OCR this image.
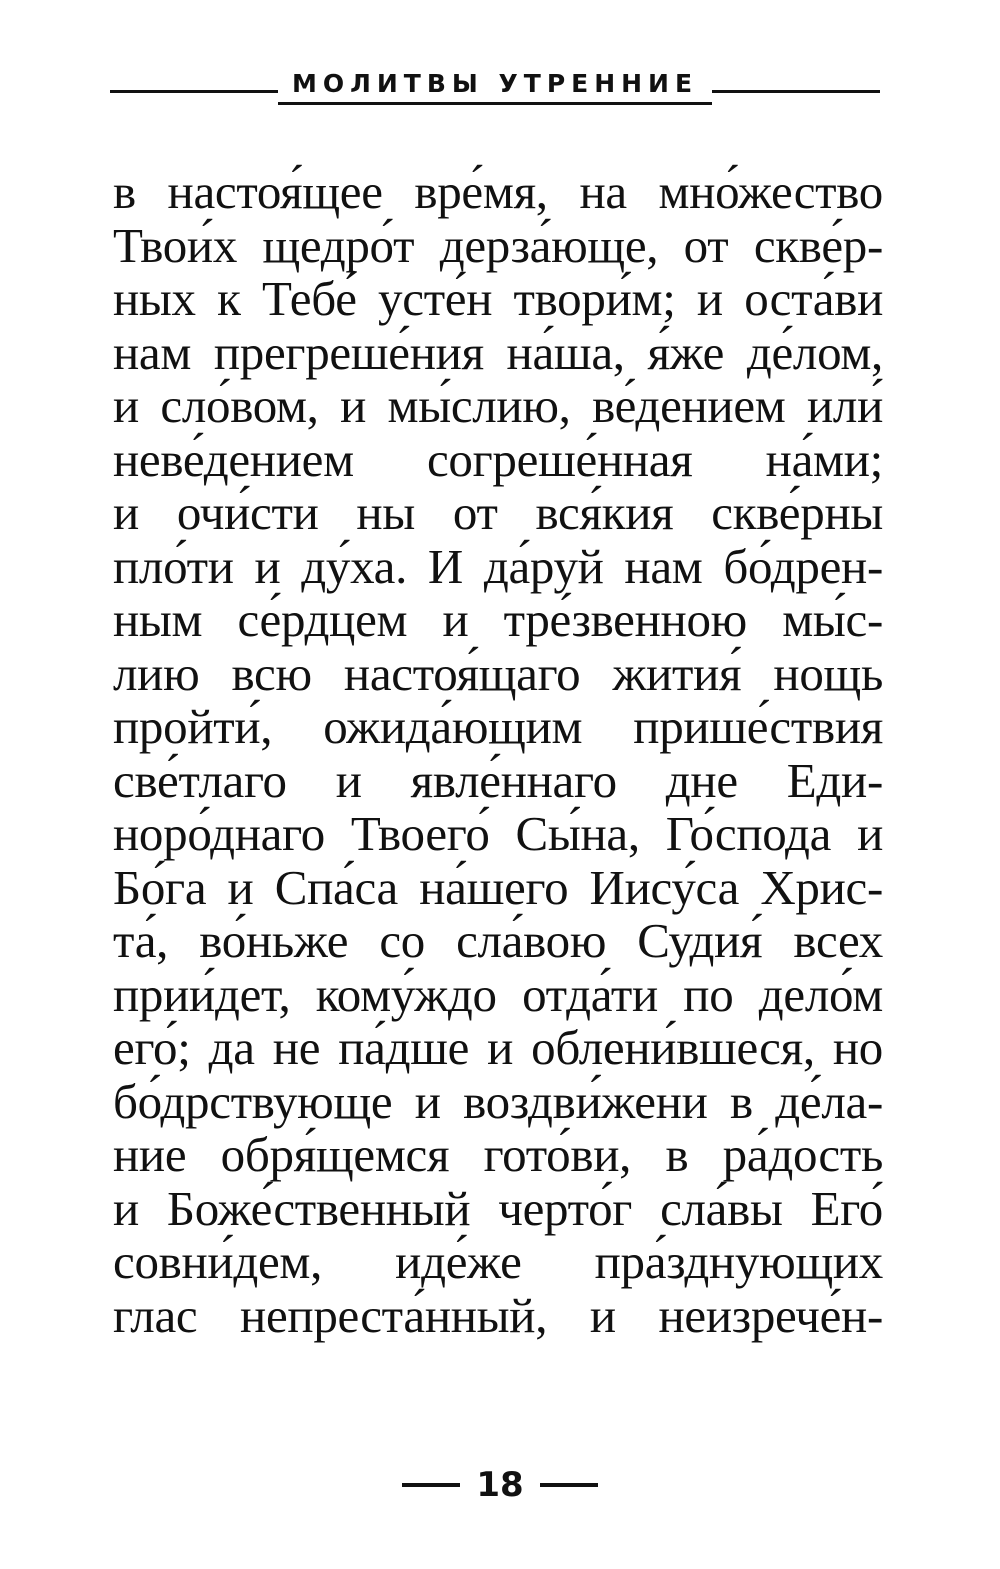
МОЛИТВЫ УТРЕННИЕ
в настоя́щее вре́мя, на мно́жество
Твои́х щедро́т дерза́юще, от скве́р-
ных к Тебе́ усте́н твори́м; и оста́ви
нам прегреше́ния на́ша, я́же де́лом,
и сло́вом, и мы́слию, ве́дением или́
неве́дением согреше́нная на́ми;
и очи́сти ны от вся́кия скве́рны
пло́ти и ду́ха. И да́руй нам бо́дрен-
ным се́рдцем и тре́звенною мы́с-
лию всю настоя́щаго жития́ нощь
пройти́, ожида́ющим прише́ствия
све́тлаго и явле́ннаго дне Еди-
норо́днаго Твоего́ Сы́на, Го́спода и
Бо́га и Спа́са на́шего Иису́са Хрис-
та́, во́ньже со сла́вою Судия́ всех
прии́дет, кому́ждо отда́ти по дело́м
его́; да не па́дше и облени́вшеся, но
бо́дрствующе и воздви́жени в де́ла-
ние обря́щемся гото́ви, в ра́дость
и Боже́ственный черто́г сла́вы Его́
совни́дем, иде́же пра́зднующих
глас непреста́нный, и неизрече́н-
18
